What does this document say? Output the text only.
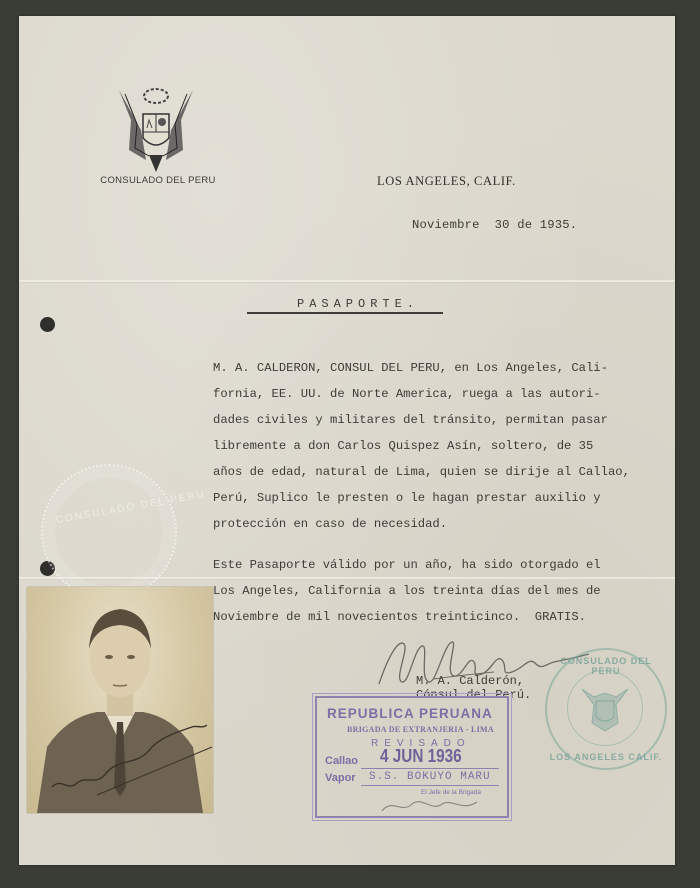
CONSULADO DEL PERU	LOS ANGELES, CALIF.
Noviembre  30 de 1935.
PASAPORTE.
M. A. CALDERON, CONSUL DEL PERU, en Los Angeles, Cali-
fornia, EE. UU. de Norte America, ruega a las autori-
dades civiles y militares del tránsito, permitan pasar
libremente a don Carlos Quispez Asín, soltero, de 35
años de edad, natural de Lima, quien se dirije al Callao,
Perú, Suplico le presten o le hagan prestar auxilio y
protección en caso de necesidad.
Este Pasaporte válido por un año, ha sido otorgado el
Los Angeles, California a los treinta días del mes de
Noviembre de mil novecientos treinticinco.  GRATIS.
CONSULADO DEL PERU
M. A. Calderón,
Cónsul del Perú.
REPUBLICA PERUANA
BRIGADA DE EXTRANJERIA - LIMA
REVISADO
4 JUN 1936
Callao
Vapor S.S. BOKUYO MARU
El Jefe de la Brigada
CONSULADO DEL PERU
LOS ANGELES CALIF.
